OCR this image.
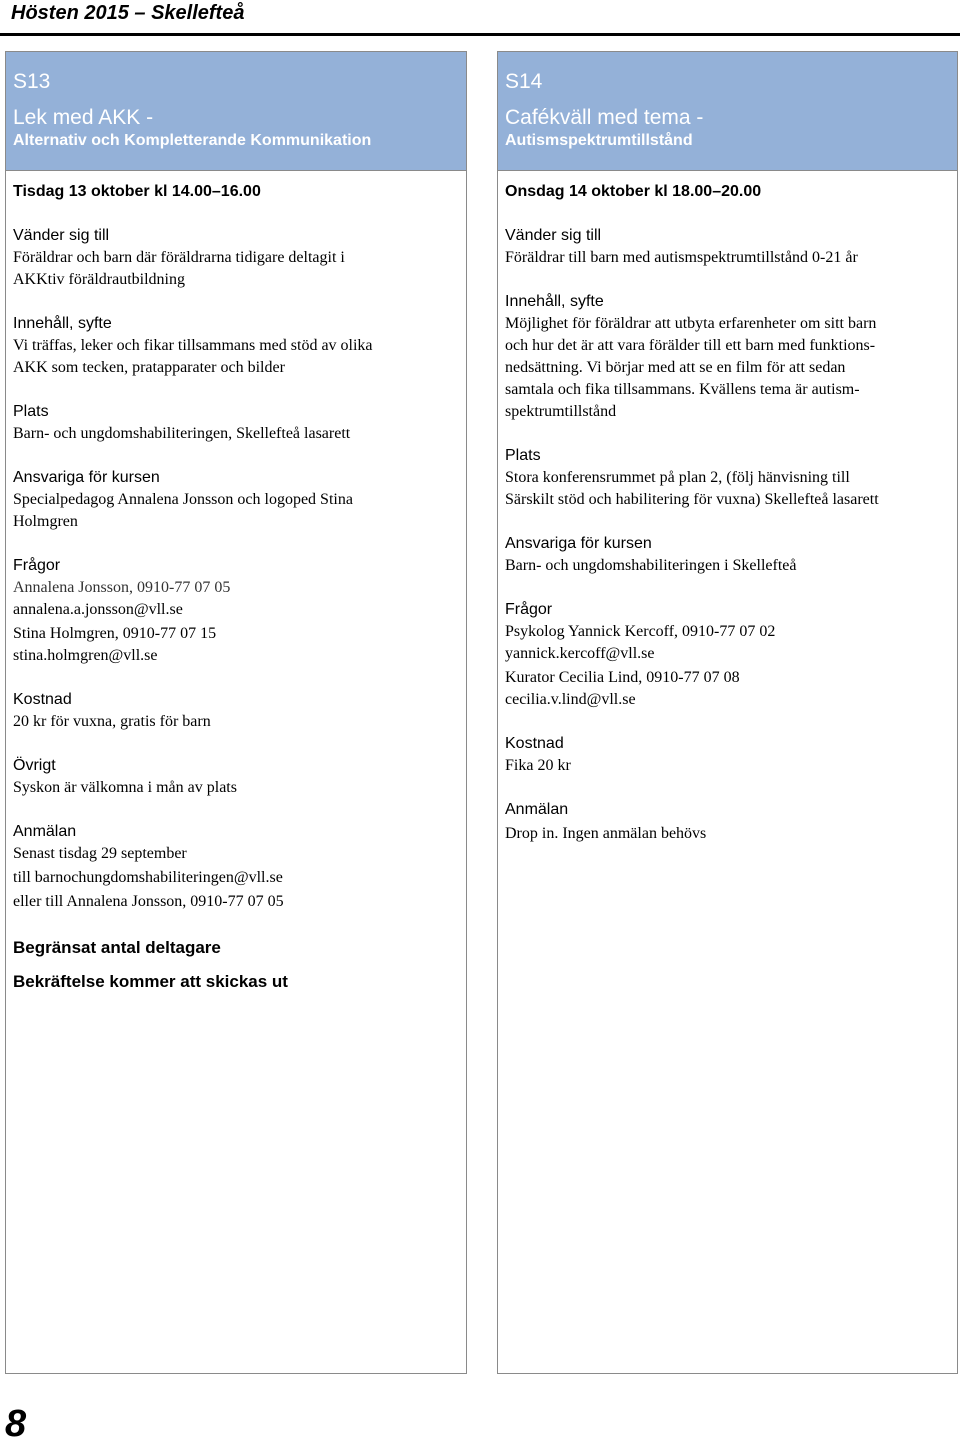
Hösten 2015 – Skellefteå
S13
Lek med AKK -
Alternativ och Kompletterande Kommunikation
Tisdag 13 oktober kl 14.00–16.00
Vänder sig till
Föräldrar och barn där föräldrarna tidigare deltagit i
AKKtiv föräldrautbildning
Innehåll, syfte
Vi träffas, leker och fikar tillsammans med stöd av olika
AKK som tecken, pratapparater och bilder
Plats
Barn- och ungdomshabiliteringen, Skellefteå lasarett
Ansvariga för kursen
Specialpedagog Annalena Jonsson och logoped Stina
Holmgren
Frågor
Annalena Jonsson, 0910-77 07 05
annalena.a.jonsson@vll.se
Stina Holmgren, 0910-77 07 15
stina.holmgren@vll.se
Kostnad
20 kr för vuxna, gratis för barn
Övrigt
Syskon är välkomna i mån av plats
Anmälan
Senast tisdag 29 september
till barnochungdomshabiliteringen@vll.se
eller till Annalena Jonsson, 0910-77 07 05
Begränsat antal deltagare
Bekräftelse kommer att skickas ut
S14
Cafékväll med tema -
Autismspektrumtillstånd
Onsdag 14 oktober kl 18.00–20.00
Vänder sig till
Föräldrar till barn med autismspektrumtillstånd 0-21 år
Innehåll, syfte
Möjlighet för föräldrar att utbyta erfarenheter om sitt barn
och hur det är att vara förälder till ett barn med funktions-
nedsättning. Vi börjar med att se en film för att sedan
samtala och fika tillsammans. Kvällens tema är autism-
spektrumtillstånd
Plats
Stora konferensrummet på plan 2, (följ hänvisning till
Särskilt stöd och habilitering för vuxna) Skellefteå lasarett
Ansvariga för kursen
Barn- och ungdomshabiliteringen i Skellefteå
Frågor
Psykolog Yannick Kercoff, 0910-77 07 02
yannick.kercoff@vll.se
Kurator Cecilia Lind, 0910-77 07 08
cecilia.v.lind@vll.se
Kostnad
Fika 20 kr
Anmälan
Drop in. Ingen anmälan behövs
8
